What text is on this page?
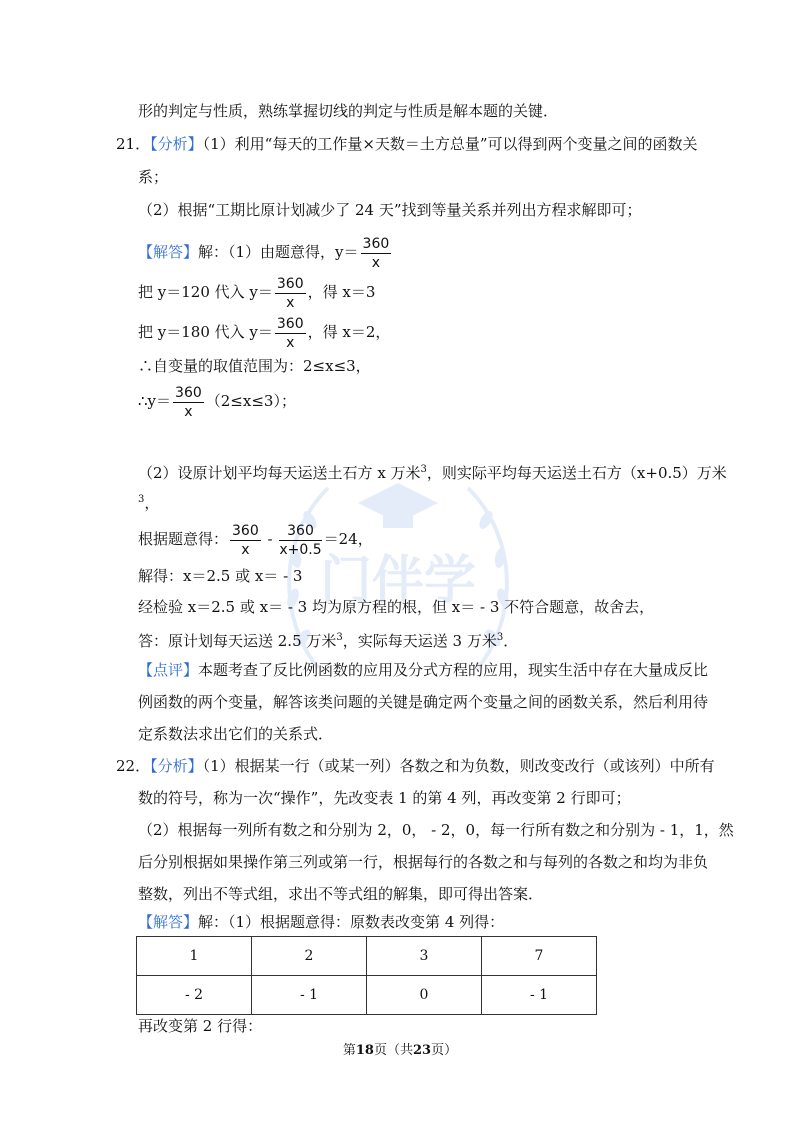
门伴学
形的判定与性质，熟练掌握切线的判定与性质是解本题的关键．
21．【分析】（1）利用“每天的工作量×天数＝土方总量”可以得到两个变量之间的函数关
系；
（2）根据“工期比原计划减少了 24 天”找到等量关系并列出方程求解即可；
【解答】解：（1）由题意得，$y= \frac{360}{x}$
把 y＝120 代入 $y= \frac{360}{x}$ ，得 x＝3
把 y＝180 代入 $y= \frac{360}{x}$ ，得 x＝2，
∴自变量的取值范围为：2≤x≤3，
∴y＝ $\frac{360}{x} (2\le x\le 3)$；
（2）设原计划平均每天运送土石方 x 万米$^3$，则实际平均每天运送土石方（x+0.5）万米
$^3$，
根据题意得： $\frac{360}{x} - \frac{360}{x+0.5} =24$，
解得：x＝2.5 或 x＝ - 3
经检验 x＝2.5 或 x＝ - 3 均为原方程的根，但 x＝ - 3 不符合题意，故舍去，
答：原计划每天运送 2.5 万米$^3$，实际每天运送 3 万米$^3$．
【点评】本题考查了反比例函数的应用及分式方程的应用，现实生活中存在大量成反比
例函数的两个变量，解答该类问题的关键是确定两个变量之间的函数关系，然后利用待
定系数法求出它们的关系式．
22．【分析】（1）根据某一行（或某一列）各数之和为负数，则改变改行（或该列）中所有
数的符号，称为一次“操作”，先改变表 1 的第 4 列，再改变第 2 行即可；
（2）根据每一列所有数之和分别为 2，0， - 2，0，每一行所有数之和分别为 - 1，1，然
后分别根据如果操作第三列或第一行，根据每行的各数之和与每列的各数之和均为非负
整数，列出不等式组，求出不等式组的解集，即可得出答案．
【解答】解：（1）根据题意得：原数表改变第 4 列得：
1	2	3	7
- 2	- 1	0	- 1
再改变第 2 行得：
第18页（共23页）
